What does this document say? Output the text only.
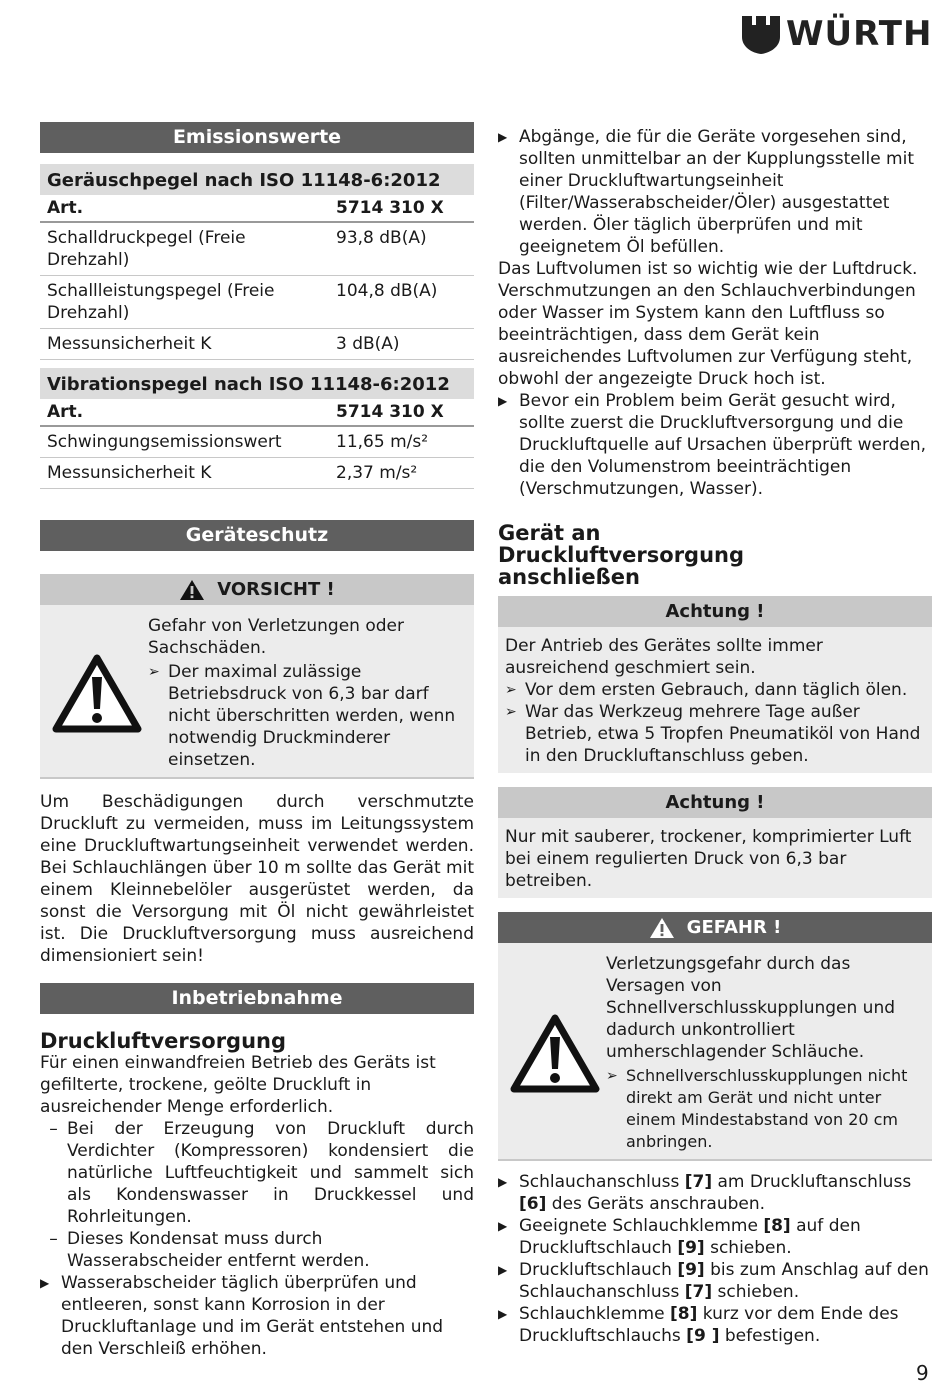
WÜRTH
Emissionswerte
Geräuschpegel nach ISO 11148-6:2012
Art.	5714 310 X
Schalldruckpegel (Freie Drehzahl)	93,8 dB(A)
Schallleistungspegel (Freie Drehzahl)	104,8 dB(A)
Messunsicherheit K	3 dB(A)
Vibrationspegel nach ISO 11148-6:2012
Art.	5714 310 X
Schwingungsemissionswert	11,65 m/s²
Messunsicherheit K	2,37 m/s²
Geräteschutz
VORSICHT !

Gefahr von Verletzungen oder Sachschäden.

➢ Der maximal zulässige Betriebsdruck von 6,3 bar darf nicht überschritten werden, wenn notwendig Druckminderer einsetzen.

Um Beschädigungen durch verschmutzte Druckluft zu vermeiden, muss im Leitungssystem eine Druckluftwartungseinheit verwendet werden. Bei Schlauchlängen über 10 m sollte das Gerät mit einem Kleinnebelöler ausgerüstet werden, da sonst die Versorgung mit Öl nicht gewährleistet ist. Die Druckluftversorgung muss ausreichend dimensioniert sein!

Inbetriebnahme

Druckluftversorgung

Für einen einwandfreien Betrieb des Geräts ist gefilterte, trockene, geölte Druckluft in ausreichender Menge erforderlich.

– Bei der Erzeugung von Druckluft durch Verdichter (Kompressoren) kondensiert die natürliche Luftfeuchtigkeit und sammelt sich als Kondenswasser in Druckkessel und Rohrleitungen.
– Dieses Kondensat muss durch Wasserabscheider entfernt werden.
▶ Wasserabscheider täglich überprüfen und entleeren, sonst kann Korrosion in der Druckluftanlage und im Gerät entstehen und den Verschleiß erhöhen.
▶ Abgänge, die für die Geräte vorgesehen sind, sollten unmittelbar an der Kupplungsstelle mit einer Druckluftwartungseinheit (Filter/Wasserabscheider/Öler) ausgestattet werden. Öler täglich überprüfen und mit geeignetem Öl befüllen.

Das Luftvolumen ist so wichtig wie der Luftdruck. Verschmutzungen an den Schlauchverbindungen oder Wasser im System kann den Luftfluss so beeinträchtigen, dass dem Gerät kein ausreichendes Luftvolumen zur Verfügung steht, obwohl der angezeigte Druck hoch ist.

▶ Bevor ein Problem beim Gerät gesucht wird, sollte zuerst die Druckluftversorgung und die Druckluftquelle auf Ursachen überprüft werden, die den Volumenstrom beeinträchtigen (Verschmutzungen, Wasser).

Gerät an Druckluftversorgung anschließen

Achtung !

Der Antrieb des Gerätes sollte immer ausreichend geschmiert sein.

➢ Vor dem ersten Gebrauch, dann täglich ölen.
➢ War das Werkzeug mehrere Tage außer Betrieb, etwa 5 Tropfen Pneumatiköl von Hand in den Druckluftanschluss geben.
Achtung !

Nur mit sauberer, trockener, komprimierter Luft bei einem regulierten Druck von 6,3 bar betreiben.

GEFAHR !

Verletzungsgefahr durch das Versagen von Schnellverschlusskupplungen und dadurch unkontrolliert umherschlagender Schläuche.

➢ Schnellverschlusskupplungen nicht direkt am Gerät und nicht unter einem Mindestabstand von 20 cm anbringen.
▶ Schlauchanschluss [7] am Druckluftanschluss [6] des Geräts anschrauben.
▶ Geeignete Schlauchklemme [8] auf den Druckluftschlauch [9] schieben.
▶ Druckluftschlauch [9] bis zum Anschlag auf den Schlauchanschluss [7] schieben.
▶ Schlauchklemme [8] kurz vor dem Ende des Druckluftschlauchs [9 ] befestigen.
9
